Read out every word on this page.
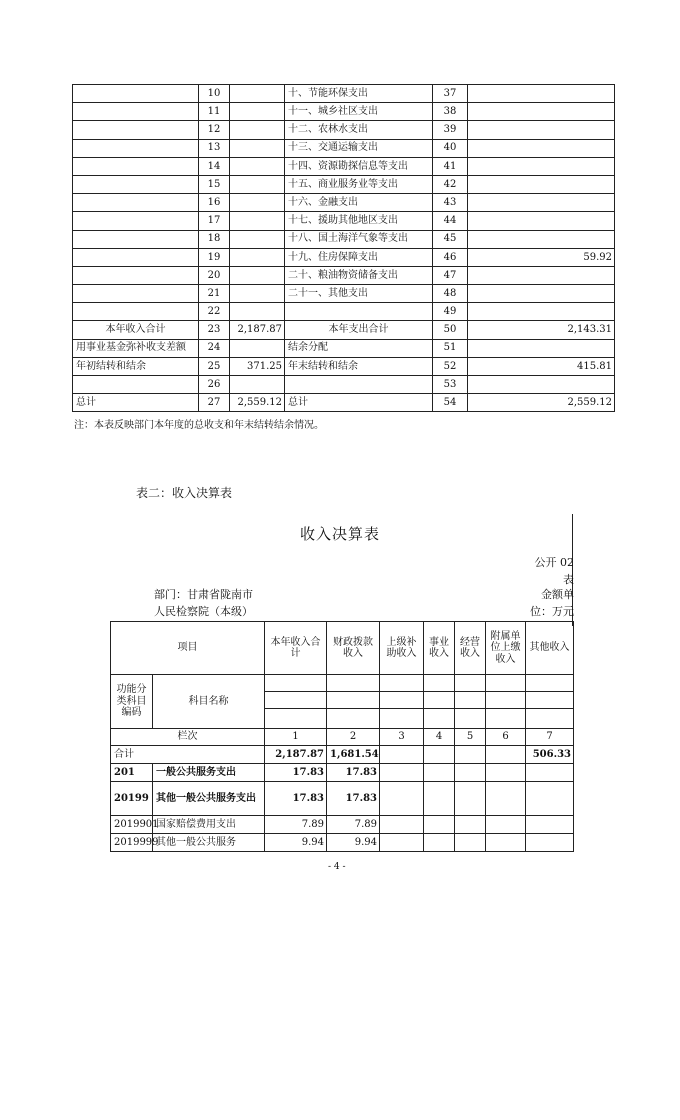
	10		十、节能环保支出	37	
	11		十一、城乡社区支出	38	
	12		十二、农林水支出	39	
	13		十三、交通运输支出	40	
	14		十四、资源勘探信息等支出	41	
	15		十五、商业服务业等支出	42	
	16		十六、金融支出	43	
	17		十七、援助其他地区支出	44	
	18		十八、国土海洋气象等支出	45	
	19		十九、住房保障支出	46	59.92
	20		二十、粮油物资储备支出	47	
	21		二十一、其他支出	48	
	22			49	
本年收入合计	23	2,187.87	本年支出合计	50	2,143.31
用事业基金弥补收支差额	24		结余分配	51	
年初结转和结余	25	371.25	年末结转和结余	52	415.81
	26			53	
总计	27	2,559.12	总计	54	2,559.12
注：本表反映部门本年度的总收支和年末结转结余情况。
表二：收入决算表
收入决算表
公开 02
表
部门：甘肃省陇南市
人民检察院（本级）
金额单
位：万元
项目		本年收入合计	财政拨款收入	上级补助收入	事业收入	经营收入	附属单位上缴收入	其他收入
功能分类科目编码	科目名称							

栏次		1	2	3	4	5	6	7
合计		2,187.87	1,681.54					506.33
201	一般公共服务支出	17.83	17.83					
20199	其他一般公共服务支出	17.83	17.83					
2019901	国家赔偿费用支出	7.89	7.89					
2019999	其他一般公共服务	9.94	9.94					
- 4 -
